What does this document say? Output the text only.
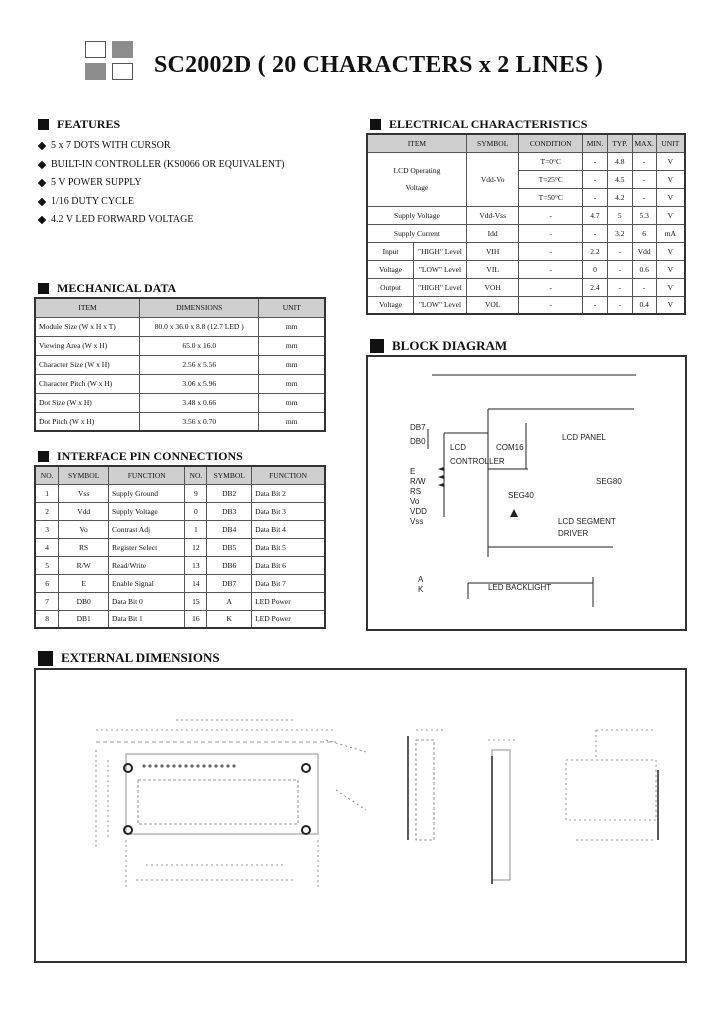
SC2002D ( 20 CHARACTERS x 2 LINES )
FEATURES
5 x 7 DOTS WITH CURSOR
BUILT-IN CONTROLLER (KS0066 OR EQUIVALENT)
5 V POWER SUPPLY
1/16 DUTY CYCLE
4.2 V LED FORWARD VOLTAGE
MECHANICAL DATA
ITEM	DIMENSIONS	UNIT
Module Size (W x H x T)	80.0 x 36.0 x 8.8 (12.7 LED )	mm
Viewing Area (W x H)	65.0 x 16.0	mm
Character Size (W x H)	2.56 x 5.56	mm
Character Pitch (W x H)	3.06 x 5.96	mm
Dot Size (W x H)	3.48 x 0.66	mm
Dot Pitch (W x H)	3.56 x 0.70	mm
INTERFACE PIN CONNECTIONS
NO.	SYMBOL	FUNCTION	NO.	SYMBOL	FUNCTION
1	Vss	Supply Ground	9	DB2	Data Bit 2
2	Vdd	Supply Voltage	0	DB3	Data Bit 3
3	Vo	Contrast Adj	1	DB4	Data Bit 4
4	RS	Register Select	12	DB5	Data Bit 5
5	R/W	Read/Write	13	DB6	Data Bit 6
6	E	Enable Signal	14	DB7	Data Bit 7
7	DB0	Data Bit 0	15	A	LED Power
8	DB1	Data Bit 1	16	K	LED Power
ELECTRICAL CHARACTERISTICS
ITEM		SYMBOL	CONDITION	MIN.	TYP.	MAX.	UNIT

LCD Operating
Voltage		Vdd-Vo	T=0°C	-	4.8	-	V
			T=25°C	-	4.5	-	V
			T=50°C	-	4.2	-	V
Supply Voltage		Vdd-Vss	-	4.7	5	5.3	V
Supply Current		Idd	-	-	3.2	6	mA
Input	"HIGH" Level	VIH	-	2.2	-	Vdd	V
Voltage	"LOW" Level	VIL	-	0	-	0.6	V
Output	"HIGH" Level	VOH	-	2.4	-	-	V
Voltage	"LOW" Level	VOL	-	-	-	0.4	V
BLOCK DIAGRAM
DB7
DB0
LCD
CONTROLLER
COM16
LCD PANEL
SEG80
SEG40
E
R/W
RS
Vo
VDD
Vss	LCD SEGMENT
DRIVER
A
K	LED BACKLIGHT
EXTERNAL DIMENSIONS
